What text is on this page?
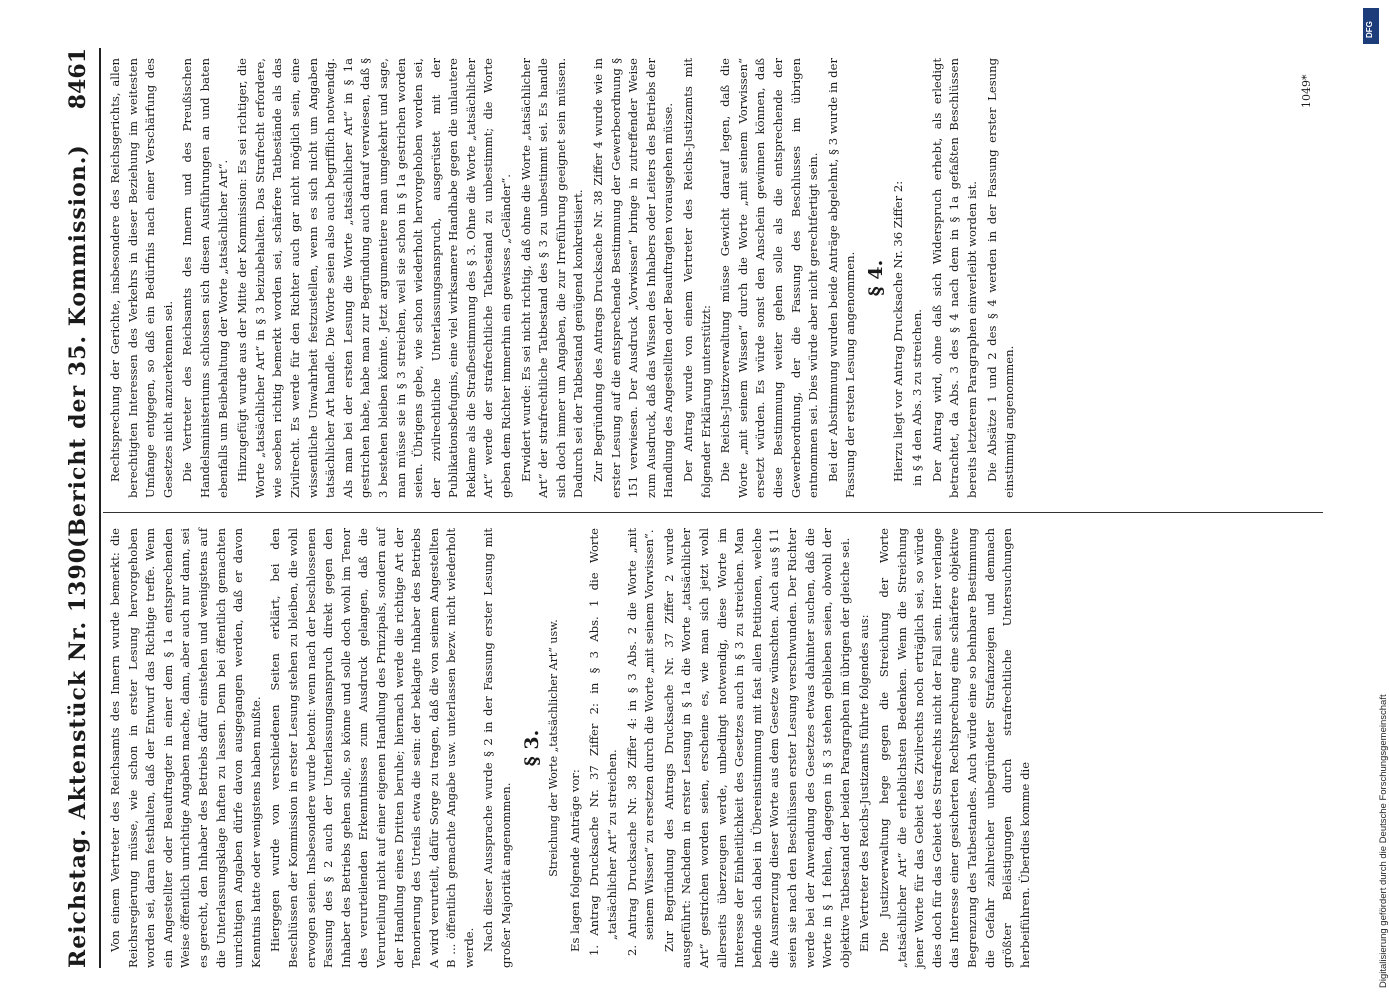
Reichstag. Aktenstück Nr. 1390.
(Bericht der 35. Kommission.)
8461

Von einem Vertreter des Reichsamts des Innern wurde bemerkt: die Reichsregierung müsse, wie schon in erster Lesung hervorgehoben worden sei, daran festhalten, daß der Entwurf das Richtige treffe. Wenn ein Angestellter oder Beauftragter in einer dem § 1a entsprechenden Weise öffentlich unrichtige Angaben mache, dann, aber auch nur dann, sei es gerecht, den Inhaber des Betriebs dafür einstehen und wenigstens auf die Unterlassungsklage haften zu lassen. Denn bei öffentlich gemachten unrichtigen Angaben dürfe davon ausgegangen werden, daß er davon Kenntnis hatte oder wenigstens haben mußte. Hiergegen wurde von verschiedenen Seiten erklärt, bei den Beschlüssen der Kommission in erster Lesung stehen zu bleiben, die wohl erwogen seien. Insbesondere wurde betont: wenn nach der beschlossenen Fassung des § 2 auch der Unterlassungsanspruch direkt gegen den Inhaber des Betriebs gehen solle, so könne und solle doch wohl im Tenor des verurteilenden Erkenntnisses zum Ausdruck gelangen, daß die Verurteilung nicht auf einer eigenen Handlung des Prinzipals, sondern auf der Handlung eines Dritten beruhe; hiernach werde die richtige Art der Tenorierung des Urteils etwa die sein: der beklagte Inhaber des Betriebs A wird verurteilt, dafür Sorge zu tragen, daß die von seinem Angestellten B ... öffentlich gemachte Angabe usw. unterlassen bezw. nicht wiederholt werde. Nach dieser Aussprache wurde § 2 in der Fassung erster Lesung mit großer Majorität angenommen.

§ 3. Streichung der Worte „tatsächlicher Art“ usw. Es lagen folgende Anträge vor: 1. Antrag Drucksache Nr. 37 Ziffer 2: in § 3 Abs. 1 die Worte „tatsächlicher Art“ zu streichen. 2. Antrag Drucksache Nr. 38 Ziffer 4: in § 3 Abs. 2 die Worte „mit seinem Wissen“ zu ersetzen durch die Worte „mit seinem Vorwissen“. Zur Begründung des Antrags Drucksache Nr. 37 Ziffer 2 wurde ausgeführt: Nachdem in erster Lesung in § 1a die Worte „tatsächlicher Art“ gestrichen worden seien, erscheine es, wie man sich jetzt wohl allerseits überzeugen werde, unbedingt notwendig, diese Worte im Interesse der Einheitlichkeit des Gesetzes auch in § 3 zu streichen. Man befinde sich dabei in Übereinstimmung mit fast allen Petitionen, welche die Ausmerzung dieser Worte aus dem Gesetze wünschten. Auch aus § 11 seien sie nach den Beschlüssen erster Lesung verschwunden. Der Richter werde bei der Anwendung des Gesetzes etwas dahinter suchen, daß die Worte in § 1 fehlen, dagegen in § 3 stehen geblieben seien, obwohl der objektive Tatbestand der beiden Paragraphen im übrigen der gleiche sei. Ein Vertreter des Reichs-Justizamts führte folgendes aus: Die Justizverwaltung hege gegen die Streichung der Worte „tatsächlicher Art“ die erheblichsten Bedenken. Wenn die Streichung jener Worte für das Gebiet des Zivilrechts noch erträglich sei, so würde dies doch für das Gebiet des Strafrechts nicht der Fall sein. Hier verlange das Interesse einer gesicherten Rechtsprechung eine schärfere objektive Begrenzung des Tatbestandes. Auch würde eine so behnbare Bestimmung die Gefahr zahlreicher unbegründeter Strafanzeigen und demnach größter Belästigungen durch strafrechtliche Untersuchungen herbeiführen. Überdies komme die

Rechtsprechung der Gerichte, insbesondere des Reichsgerichts, allen berechtigten Interessen des Verkehrs in dieser Beziehung im weitesten Umfange entgegen, so daß ein Bedürfnis nach einer Verschärfung des Gesetzes nicht anzuerkennen sei. Die Vertreter des Reichsamts des Innern und des Preußischen Handelsministeriums schlossen sich diesen Ausführungen an und baten ebenfalls um Beibehaltung der Worte „tatsächlicher Art“. Hinzugefügt wurde aus der Mitte der Kommission: Es sei richtiger, die Worte „tatsächlicher Art“ in § 3 beizubehalten. Das Strafrecht erfordere, wie soeben richtig bemerkt worden sei, schärfere Tatbestände als das Zivilrecht. Es werde für den Richter auch gar nicht möglich sein, eine wissentliche Unwahrheit festzustellen, wenn es sich nicht um Angaben tatsächlicher Art handle. Die Worte seien also auch begrifflich notwendig. Als man bei der ersten Lesung die Worte „tatsächlicher Art“ in § 1a gestrichen habe, habe man zur Begründung auch darauf verwiesen, daß § 3 bestehen bleiben könnte. Jetzt argumentiere man umgekehrt und sage, man müsse sie in § 3 streichen, weil sie schon in § 1a gestrichen worden seien. Übrigens gebe, wie schon wiederholt hervorgehoben worden sei, der zivilrechtliche Unterlassungsanspruch, ausgerüstet mit der Publikationsbefugnis, eine viel wirksamere Handhabe gegen die unlautere Reklame als die Strafbestimmung des § 3. Ohne die Worte „tatsächlicher Art“ werde der strafrechtliche Tatbestand zu unbestimmt; die Worte geben dem Richter immerhin ein gewisses „Geländer“. Erwidert wurde: Es sei nicht richtig, daß ohne die Worte „tatsächlicher Art“ der strafrechtliche Tatbestand des § 3 zu unbestimmt sei. Es handle sich doch immer um Angaben, die zur Irreführung geeignet sein müssen. Dadurch sei der Tatbestand genügend konkretisiert. Zur Begründung des Antrags Drucksache Nr. 38 Ziffer 4 wurde wie in erster Lesung auf die entsprechende Bestimmung der Gewerbeordnung § 151 verwiesen. Der Ausdruck „Vorwissen“ bringe in zutreffender Weise zum Ausdruck, daß das Wissen des Inhabers oder Leiters des Betriebs der Handlung des Angestellten oder Beauftragten vorausgehen müsse. Der Antrag wurde von einem Vertreter des Reichs-Justizamts mit folgender Erklärung unterstützt: Die Reichs-Justizverwaltung müsse Gewicht darauf legen, daß die Worte „mit seinem Wissen“ durch die Worte „mit seinem Vorwissen“ ersetzt würden. Es würde sonst den Anschein gewinnen können, daß diese Bestimmung weiter gehen solle als die entsprechende der Gewerbeordnung, der die Fassung des Beschlusses im übrigen entnommen sei. Dies würde aber nicht gerechtfertigt sein. Bei der Abstimmung wurden beide Anträge abgelehnt, § 3 wurde in der Fassung der ersten Lesung angenommen. § 4. Hierzu liegt vor Antrag Drucksache Nr. 36 Ziffer 2: in § 4 den Abs. 3 zu streichen. Der Antrag wird, ohne daß sich Widerspruch erhebt, als erledigt betrachtet, da Abs. 3 des § 4 nach dem in § 1a gefaßten Beschlüssen bereits letzterem Paragraphen einverleibt worden ist. Die Absätze 1 und 2 des § 4 werden in der Fassung erster Lesung einstimmig angenommen.

1049*
DFG
Digitalisierung gefördert durch die Deutsche Forschungsgemeinschaft
